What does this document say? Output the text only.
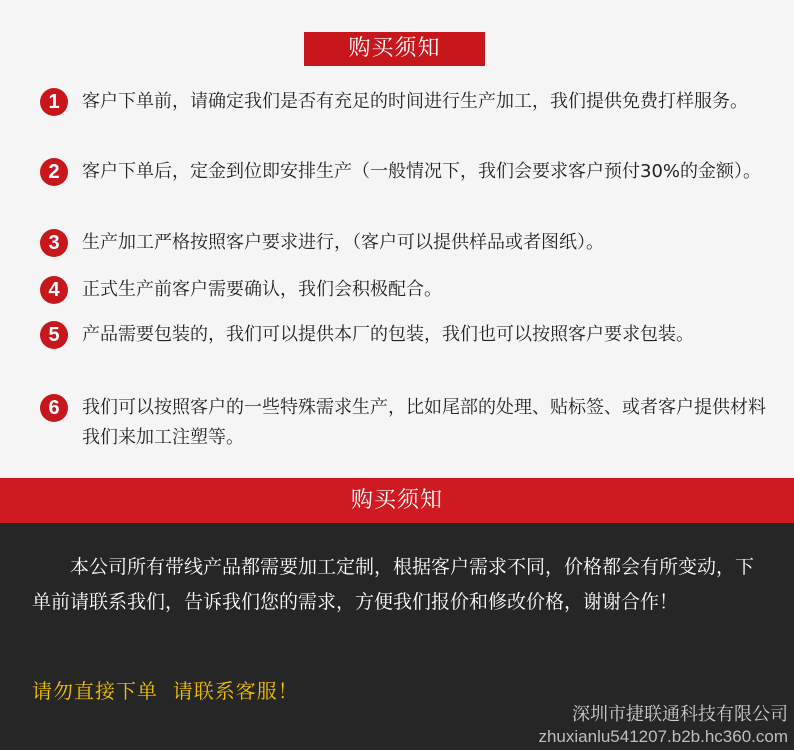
购买须知
1	客户下单前，请确定我们是否有充足的时间进行生产加工，我们提供免费打样服务。

2	客户下单后，定金到位即安排生产（一般情况下，我们会要求客户预付30%的金额）。

3	生产加工严格按照客户要求进行，（客户可以提供样品或者图纸）。

4	正式生产前客户需要确认，我们会积极配合。

5	产品需要包装的，我们可以提供本厂的包装，我们也可以按照客户要求包装。

6	我们可以按照客户的一些特殊需求生产，比如尾部的处理、贴标签、或者客户提供材料我们来加工注塑等。

购买须知

本公司所有带线产品都需要加工定制，根据客户需求不同，价格都会有所变动，下单前请联系我们，告诉我们您的需求，方便我们报价和修改价格，谢谢合作！

请勿直接下单  请联系客服！

深圳市捷联通科技有限公司

zhuxianlu541207.b2b.hc360.com
